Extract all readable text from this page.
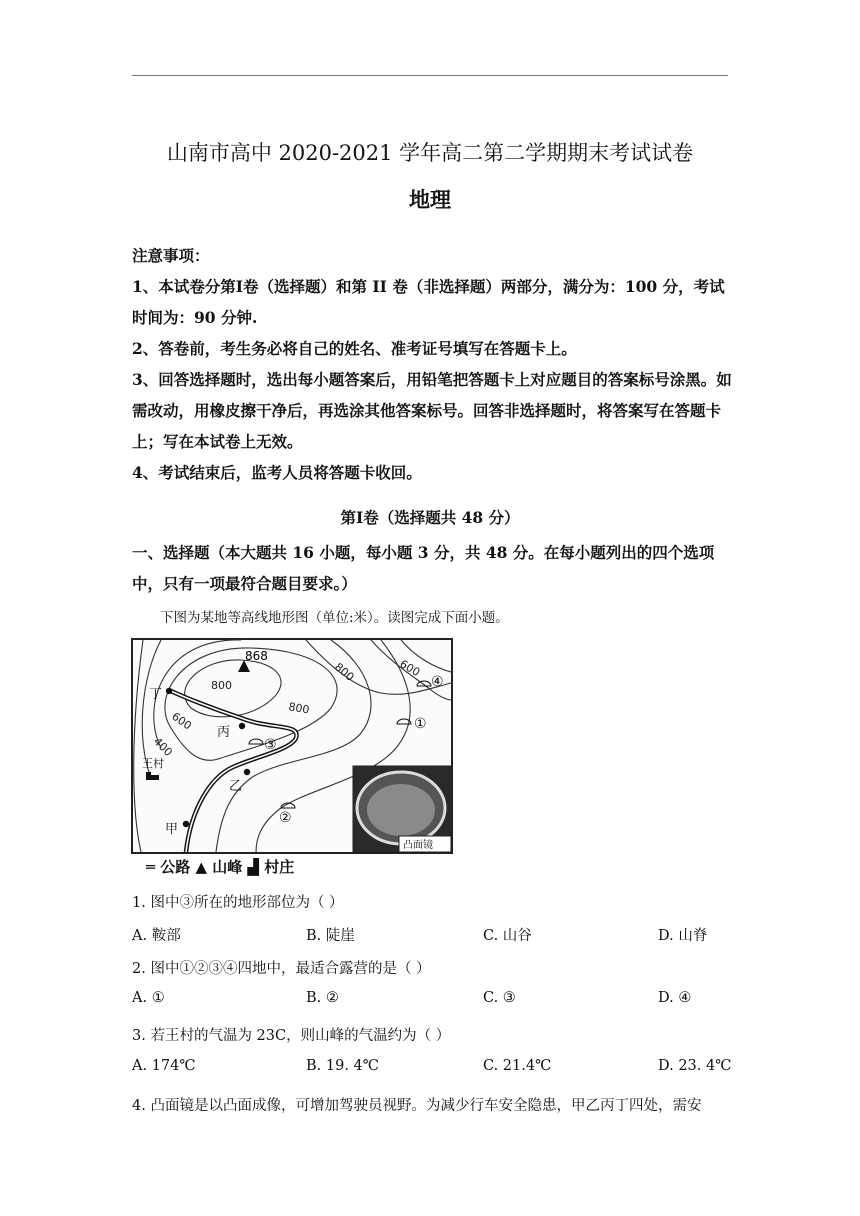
山南市高中 2020-2021 学年高二第二学期期末考试试卷
地理

注意事项：

1、本试卷分第Ⅰ卷（选择题）和第 II 卷（非选择题）两部分，满分为：100 分，考试时间为：90 分钟.

2、答卷前，考生务必将自己的姓名、准考证号填写在答题卡上。

3、回答选择题时，选出每小题答案后，用铅笔把答题卡上对应题目的答案标号涂黑。如需改动，用橡皮擦干净后，再选涂其他答案标号。回答非选择题时，将答案写在答题卡上；写在本试卷上无效。

4、考试结束后，监考人员将答题卡收回。

第Ⅰ卷（选择题共 48 分）
一、选择题（本大题共 16 小题，每小题 3 分，共 48 分。在每小题列出的四个选项中，只有一项最符合题目要求。）
下图为某地等高线地形图（单位:米）。读图完成下面小题。
868
800
800	600
800
600
400
丁
丙
乙
甲
王村
①
②
③
④
凸面镜
═ 公路 ▲ 山峰 ▟ 村庄
1. 图中③所在的地形部位为（ ）
A. 鞍部	B. 陡崖	C. 山谷	D. 山脊
2. 图中①②③④四地中，最适合露营的是（ ）
A. ①	B. ②	C. ③	D. ④
3. 若王村的气温为 23C，则山峰的气温约为（ ）
A. 174℃	B. 19. 4℃	C. 21.4℃	D. 23. 4℃
4. 凸面镜是以凸面成像，可增加驾驶员视野。为减少行车安全隐患，甲乙丙丁四处，需安
